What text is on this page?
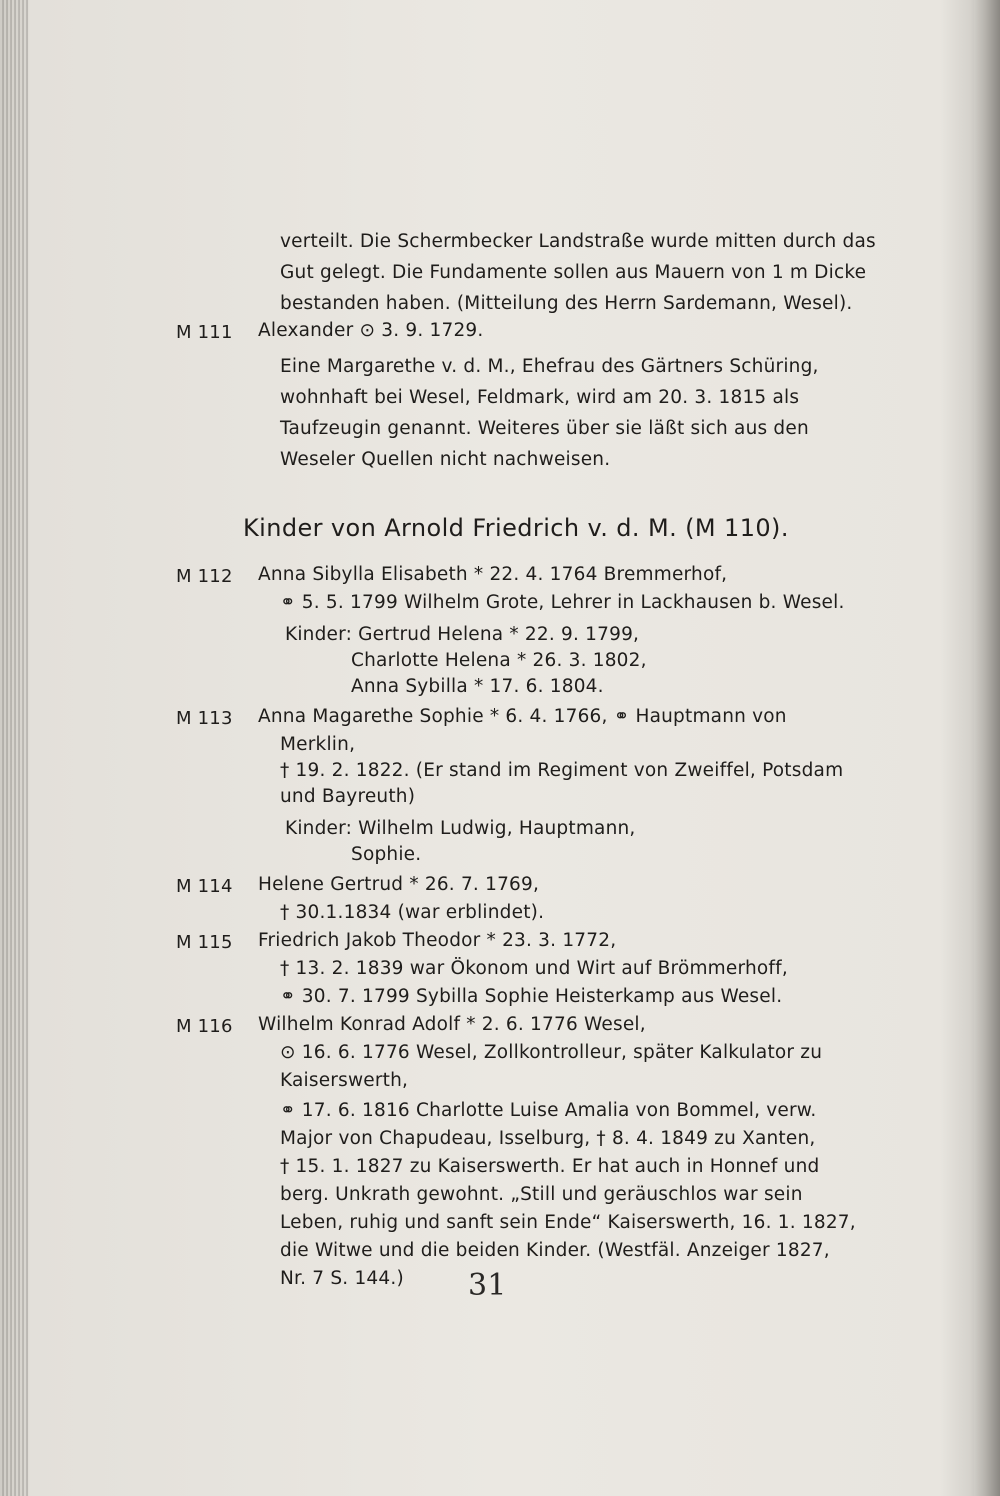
verteilt. Die Schermbecker Landstraße wurde mitten durch das
Gut gelegt. Die Fundamente sollen aus Mauern von 1 m Dicke
bestanden haben. (Mitteilung des Herrn Sardemann, Wesel).
M 111 Alexander ⊙ 3. 9. 1729.
Eine Margarethe v. d. M., Ehefrau des Gärtners Schüring,
wohnhaft bei Wesel, Feldmark, wird am 20. 3. 1815 als
Taufzeugin genannt. Weiteres über sie läßt sich aus den
Weseler Quellen nicht nachweisen.
Kinder von Arnold Friedrich v. d. M. (M 110).
M 112 Anna Sibylla Elisabeth * 22. 4. 1764 Bremmerhof,
⚭ 5. 5. 1799 Wilhelm Grote, Lehrer in Lackhausen b. Wesel.
Kinder: Gertrud Helena * 22. 9. 1799,
Charlotte Helena * 26. 3. 1802,
Anna Sybilla * 17. 6. 1804.
M 113 Anna Magarethe Sophie * 6. 4. 1766, ⚭ Hauptmann von
Merklin,
† 19. 2. 1822. (Er stand im Regiment von Zweiffel, Potsdam
und Bayreuth)
Kinder: Wilhelm Ludwig, Hauptmann,
Sophie.
M 114 Helene Gertrud * 26. 7. 1769,
† 30.1.1834 (war erblindet).
M 115 Friedrich Jakob Theodor * 23. 3. 1772,
† 13. 2. 1839 war Ökonom und Wirt auf Brömmerhoff,
⚭ 30. 7. 1799 Sybilla Sophie Heisterkamp aus Wesel.
M 116 Wilhelm Konrad Adolf * 2. 6. 1776 Wesel,
⊙ 16. 6. 1776 Wesel, Zollkontrolleur, später Kalkulator zu
Kaiserswerth,
⚭ 17. 6. 1816 Charlotte Luise Amalia von Bommel, verw.
Major von Chapudeau, Isselburg, † 8. 4. 1849 zu Xanten,
† 15. 1. 1827 zu Kaiserswerth. Er hat auch in Honnef und
berg. Unkrath gewohnt. „Still und geräuschlos war sein
Leben, ruhig und sanft sein Ende“ Kaiserswerth, 16. 1. 1827,
die Witwe und die beiden Kinder. (Westfäl. Anzeiger 1827,
Nr. 7 S. 144.) 31
